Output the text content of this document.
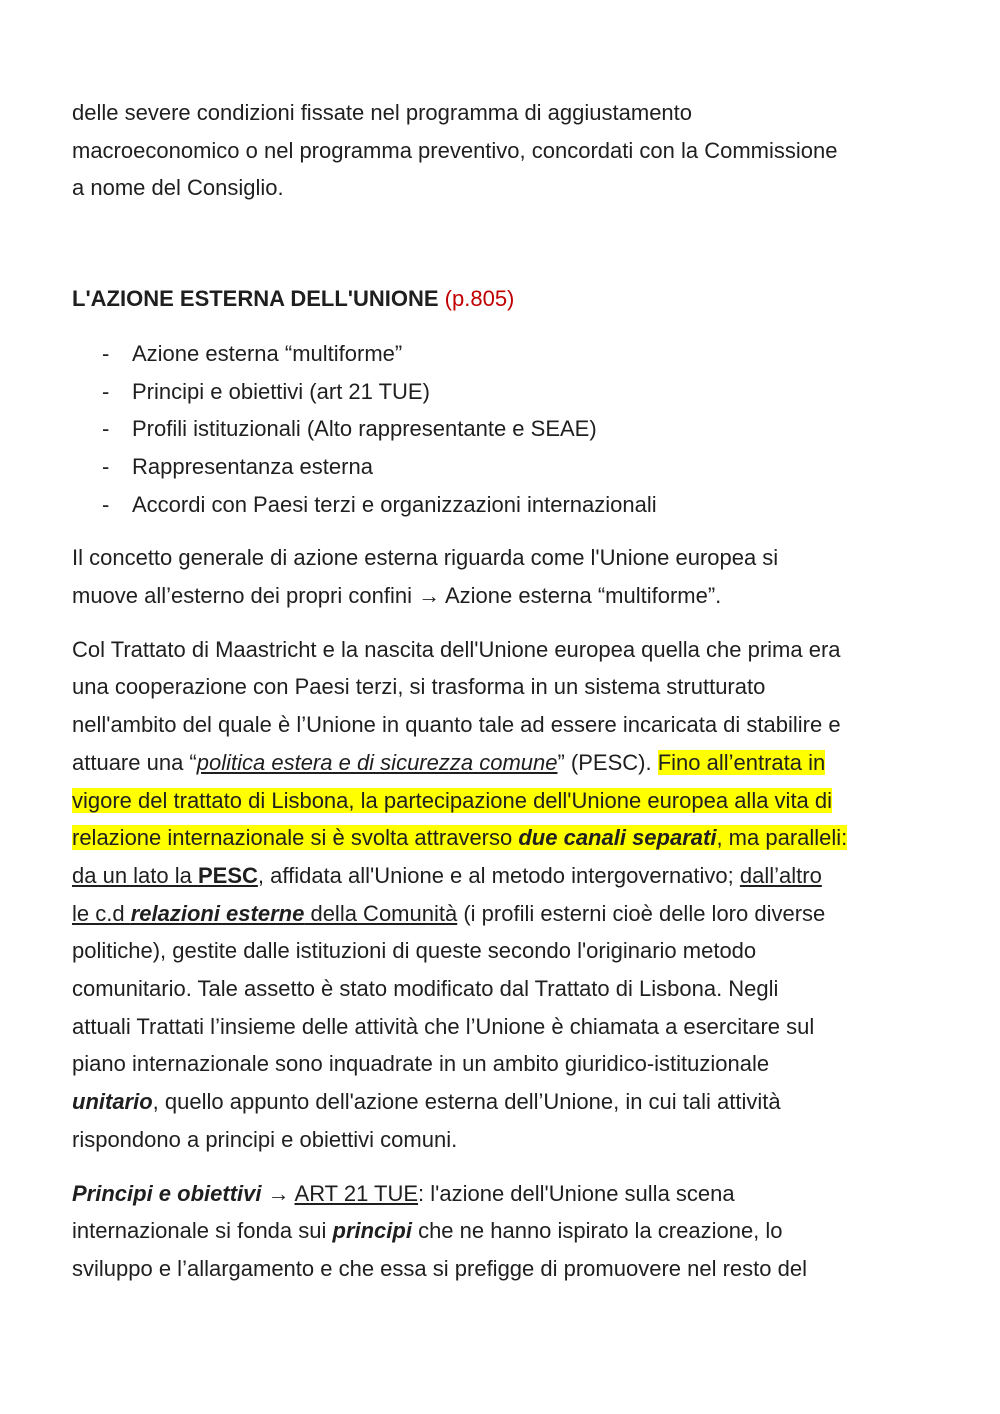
delle severe condizioni fissate nel programma di aggiustamento
macroeconomico o nel programma preventivo, concordati con la Commissione
a nome del Consiglio.

L'AZIONE ESTERNA DELL'UNIONE (p.805)

- Azione esterna “multiforme”
- Principi e obiettivi (art 21 TUE)
- Profili istituzionali (Alto rappresentante e SEAE)
- Rappresentanza esterna
- Accordi con Paesi terzi e organizzazioni internazionali

Il concetto generale di azione esterna riguarda come l'Unione europea si
muove all’esterno dei propri confini → Azione esterna “multiforme”.

Col Trattato di Maastricht e la nascita dell'Unione europea quella che prima era
una cooperazione con Paesi terzi, si trasforma in un sistema strutturato
nell'ambito del quale è l’Unione in quanto tale ad essere incaricata di stabilire e
attuare una “politica estera e di sicurezza comune” (PESC). Fino all’entrata in
vigore del trattato di Lisbona, la partecipazione dell'Unione europea alla vita di
relazione internazionale si è svolta attraverso due canali separati, ma paralleli:
da un lato la PESC, affidata all'Unione e al metodo intergovernativo; dall’altro
le c.d relazioni esterne della Comunità (i profili esterni cioè delle loro diverse
politiche), gestite dalle istituzioni di queste secondo l'originario metodo
comunitario. Tale assetto è stato modificato dal Trattato di Lisbona. Negli
attuali Trattati l’insieme delle attività che l’Unione è chiamata a esercitare sul
piano internazionale sono inquadrate in un ambito giuridico-istituzionale
unitario, quello appunto dell'azione esterna dell’Unione, in cui tali attività
rispondono a principi e obiettivi comuni.

Principi e obiettivi → ART 21 TUE: l'azione dell'Unione sulla scena
internazionale si fonda sui principi che ne hanno ispirato la creazione, lo
sviluppo e l’allargamento e che essa si prefigge di promuovere nel resto del
